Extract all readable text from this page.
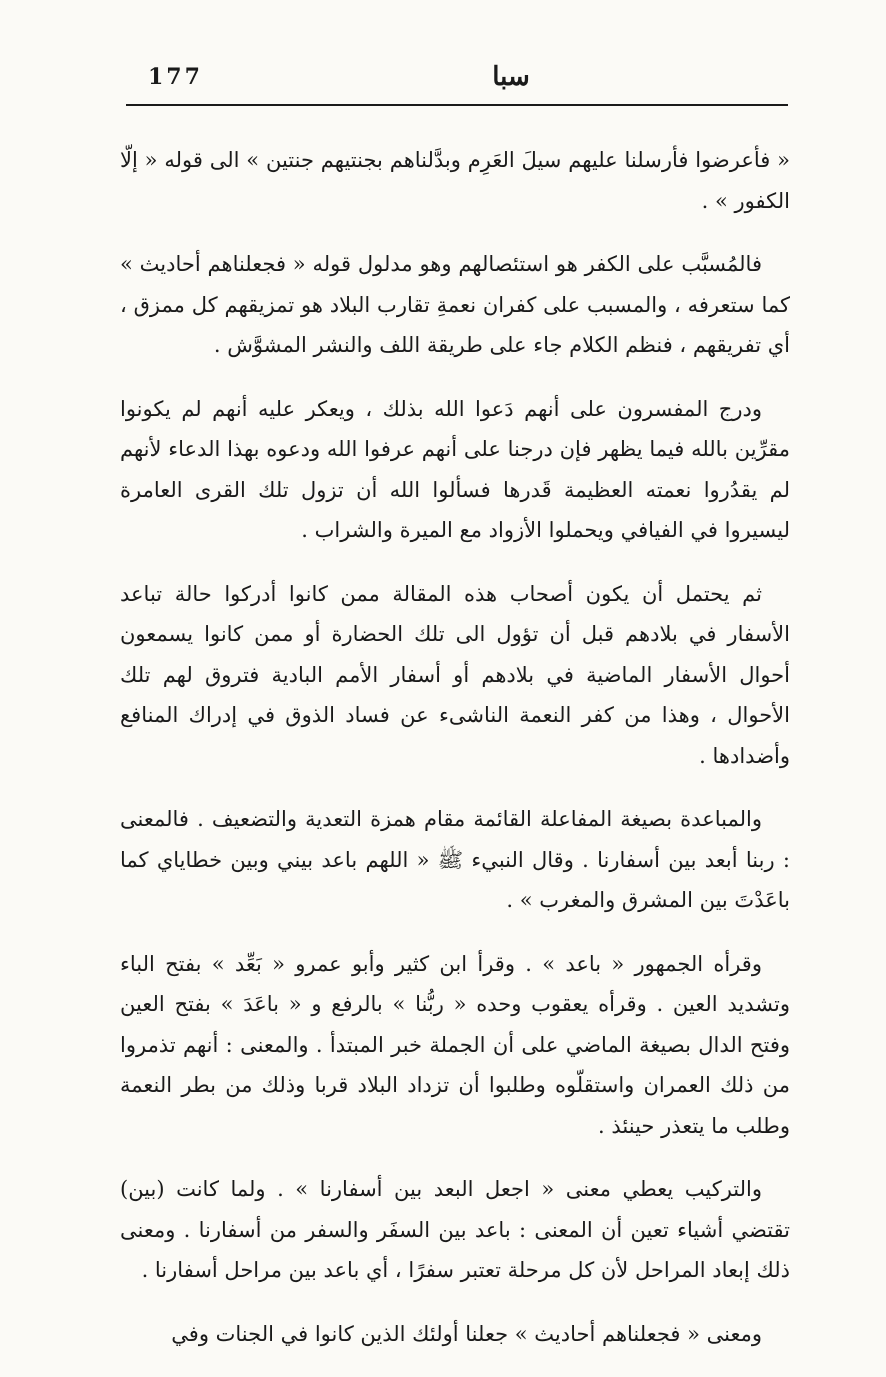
177	سبا

« فأعرضوا فأرسلنا عليهم سيلَ العَرِم وبدَّلناهم بجنتيهم جنتين » الى قوله « إلّا الكفور » .

فالمُسبَّب على الكفر هو استئصالهم وهو مدلول قوله « فجعلناهم أحاديث » كما ستعرفه ، والمسبب على كفران نعمةِ تقارب البلاد هو تمزيقهم كل ممزق ، أي تفريقهم ، فنظم الكلام جاء على طريقة اللف والنشر المشوَّش .

ودرج المفسرون على أنهم دَعوا الله بذلك ، ويعكر عليه أنهم لم يكونوا مقرِّين بالله فيما يظهر فإن درجنا على أنهم عرفوا الله ودعوه بهذا الدعاء لأنهم لم يقدُروا نعمته العظيمة قَدرها فسألوا الله أن تزول تلك القرى العامرة ليسيروا في الفيافي ويحملوا الأزواد مع الميرة والشراب .

ثم يحتمل أن يكون أصحاب هذه المقالة ممن كانوا أدركوا حالة تباعد الأسفار في بلادهم قبل أن تؤول الى تلك الحضارة أو ممن كانوا يسمعون أحوال الأسفار الماضية في بلادهم أو أسفار الأمم البادية فتروق لهم تلك الأحوال ، وهذا من كفر النعمة الناشىء عن فساد الذوق في إدراك المنافع وأضدادها .

والمباعدة بصيغة المفاعلة القائمة مقام همزة التعدية والتضعيف . فالمعنى : ربنا أبعد بين أسفارنا . وقال النبيء ﷺ « اللهم باعد بيني وبين خطاياي كما باعَدْتَ بين المشرق والمغرب » .

وقرأه الجمهور « باعد » . وقرأ ابن كثير وأبو عمرو « بَعِّد » بفتح الباء وتشديد العين . وقرأه يعقوب وحده « ربُّنا » بالرفع و « باعَدَ » بفتح العين وفتح الدال بصيغة الماضي على أن الجملة خبر المبتدأ . والمعنى : أنهم تذمروا من ذلك العمران واستقلّوه وطلبوا أن تزداد البلاد قربا وذلك من بطر النعمة وطلب ما يتعذر حينئذ .

والتركيب يعطي معنى « اجعل البعد بين أسفارنا » . ولما كانت (بين) تقتضي أشياء تعين أن المعنى : باعد بين السفَر والسفر من أسفارنا . ومعنى ذلك إبعاد المراحل لأن كل مرحلة تعتبر سفرًا ، أي باعد بين مراحل أسفارنا .

ومعنى « فجعلناهم أحاديث » جعلنا أولئك الذين كانوا في الجنات وفي
